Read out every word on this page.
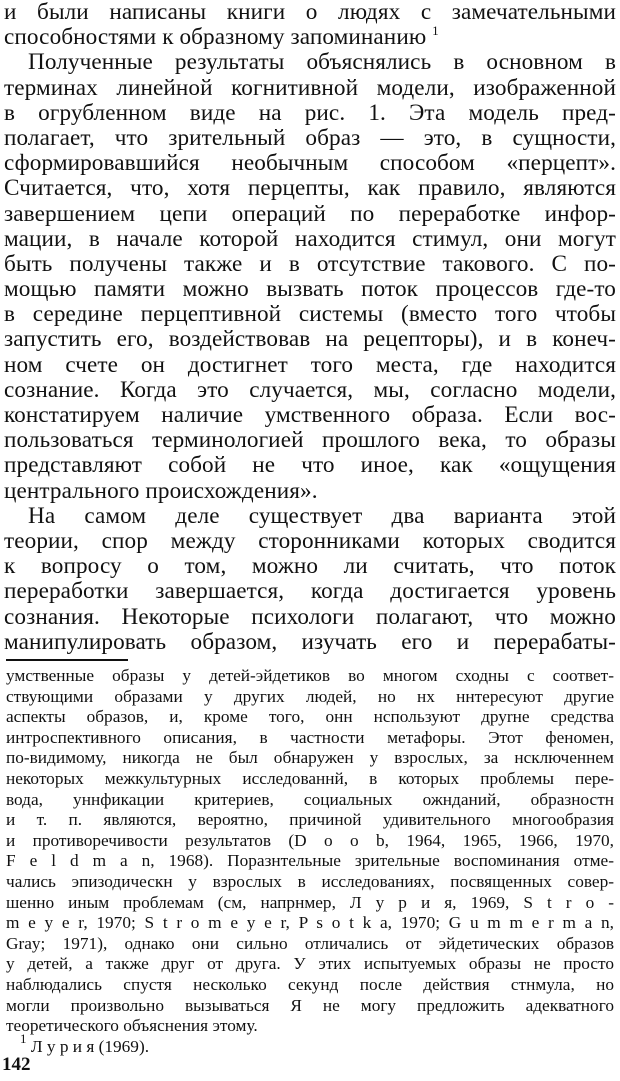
и были написаны книги о людях с замечательными
способностями к образному запоминанию $^1$
Полученные результаты объяснялись в основном в
терминах линейной когнитивной модели, изображенной
в огрубленном виде на рис. 1. Эта модель пред-
полагает, что зрительный образ — это, в сущности,
сформировавшийся необычным способом «перцепт».
Считается, что, хотя перцепты, как правило, являются
завершением цепи операций по переработке инфор-
мации, в начале которой находится стимул, они могут
быть получены также и в отсутствие такового. С по-
мощью памяти можно вызвать поток процессов где-то
в середине перцептивной системы (вместо того чтобы
запустить его, воздействовав на рецепторы), и в конеч-
ном счете он достигнет того места, где находится
сознание. Когда это случается, мы, согласно модели,
констатируем наличие умственного образа. Если вос-
пользоваться терминологией прошлого века, то образы
представляют собой не что иное, как «ощущения
центрального происхождения».
На самом деле существует два варианта этой
теории, спор между сторонниками которых сводится
к вопросу о том, можно ли считать, что поток
переработки завершается, когда достигается уровень
сознания. Некоторые психологи полагают, что можно
манипулировать образом, изучать его и перерабаты-
умственные образы у детей-эйдетиков во многом сходны с соответ-
ствующими образами у других людей, но нх ннтересуют другие
аспекты образов, и, кроме того, онн нспользуют друrне средства
интроспективного описания, в частности метафоры. Этот феномен,
по-видимому, никогда не был обнаружен у взрослых, за нсключеннем
некоторых межкультурных исследованнй, в которых проблемы пере-
вода, уннфикации критериев, социальных ожнданий, образностн
и т. п. являются, вероятно, причиной удивительного многообразия
и противоречивости результатов (D o o b, 1964, 1965, 1966, 1970,
F e l d m a n, 1968). Поразнтельные зрительные воспоминания отме-
чались эпизодическн у взрослых в исследованиях, посвященных совер-
шенно иным проблемам (см, напрнмер, Л у р и я, 1969, S t r o -
m e y e r, 1970; S t r o m e y e r, P s o t k a, 1970; G u m m e r m a n,
Gray; 1971), однако они сильно отличались от эйдетических образов
у детей, а также друг от друга. У этих испытуемых образы не просто
наблюдались спустя несколько секунд после действия стнмула, но
могли произвольно вызываться Я не могу предложить адекватного
теоретического объяснения этому.
$^1$ Л у р и я (1969).
142
